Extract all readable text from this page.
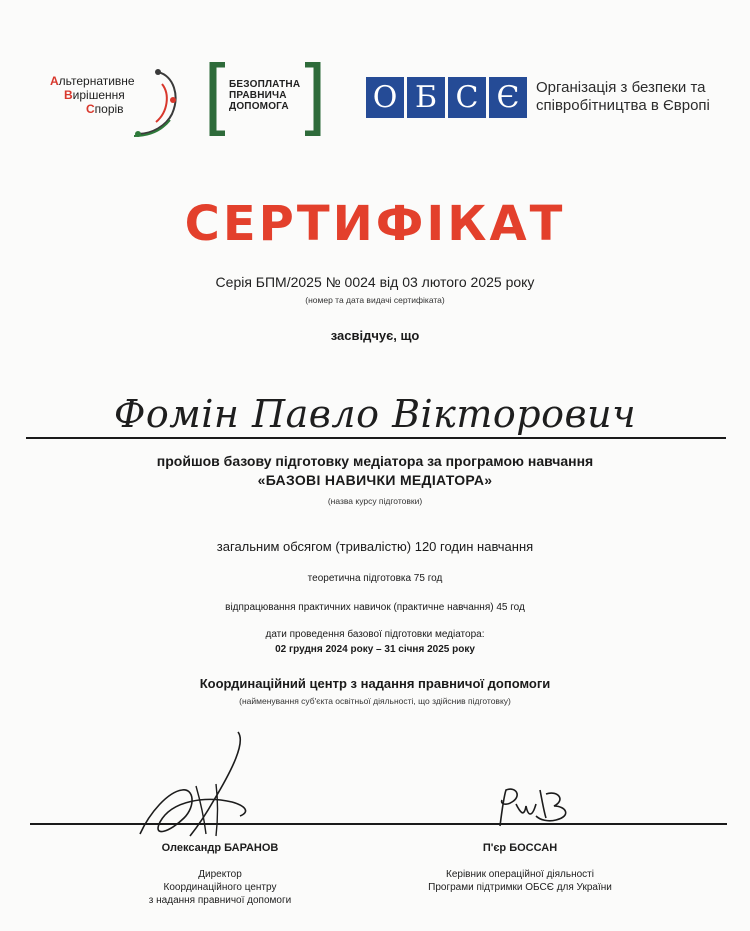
Альтернативне
Вирішення
Спорів
БЕЗОПЛАТНА
ПРАВНИЧА
ДОПОМОГА	О Б С Є	Організація з безпеки та
співробітництва в Європі
СЕРТИФІКАТ
Серія БПМ/2025 № 0024 від 03 лютого 2025 року
(номер та дата видачі сертифіката)
засвідчує, що
Фомін Павло Вікторович
пройшов базову підготовку медіатора за програмою навчання
«БАЗОВІ НАВИЧКИ МЕДІАТОРА»
(назва курсу підготовки)
загальним обсягом (тривалістю) 120 годин навчання
теоретична підготовка 75 год
відпрацювання практичних навичок (практичне навчання) 45 год
дати проведення базової підготовки медіатора:
02 грудня 2024 року – 31 січня 2025 року
Координаційний центр з надання правничої допомоги
(найменування суб'єкта освітньої діяльності, що здійснив підготовку)
Олександр БАРАНОВ
Директор
Координаційного центру
з надання правничої допомоги
П'єр БОССАН
Керівник операційної діяльності
Програми підтримки ОБСЄ для України
